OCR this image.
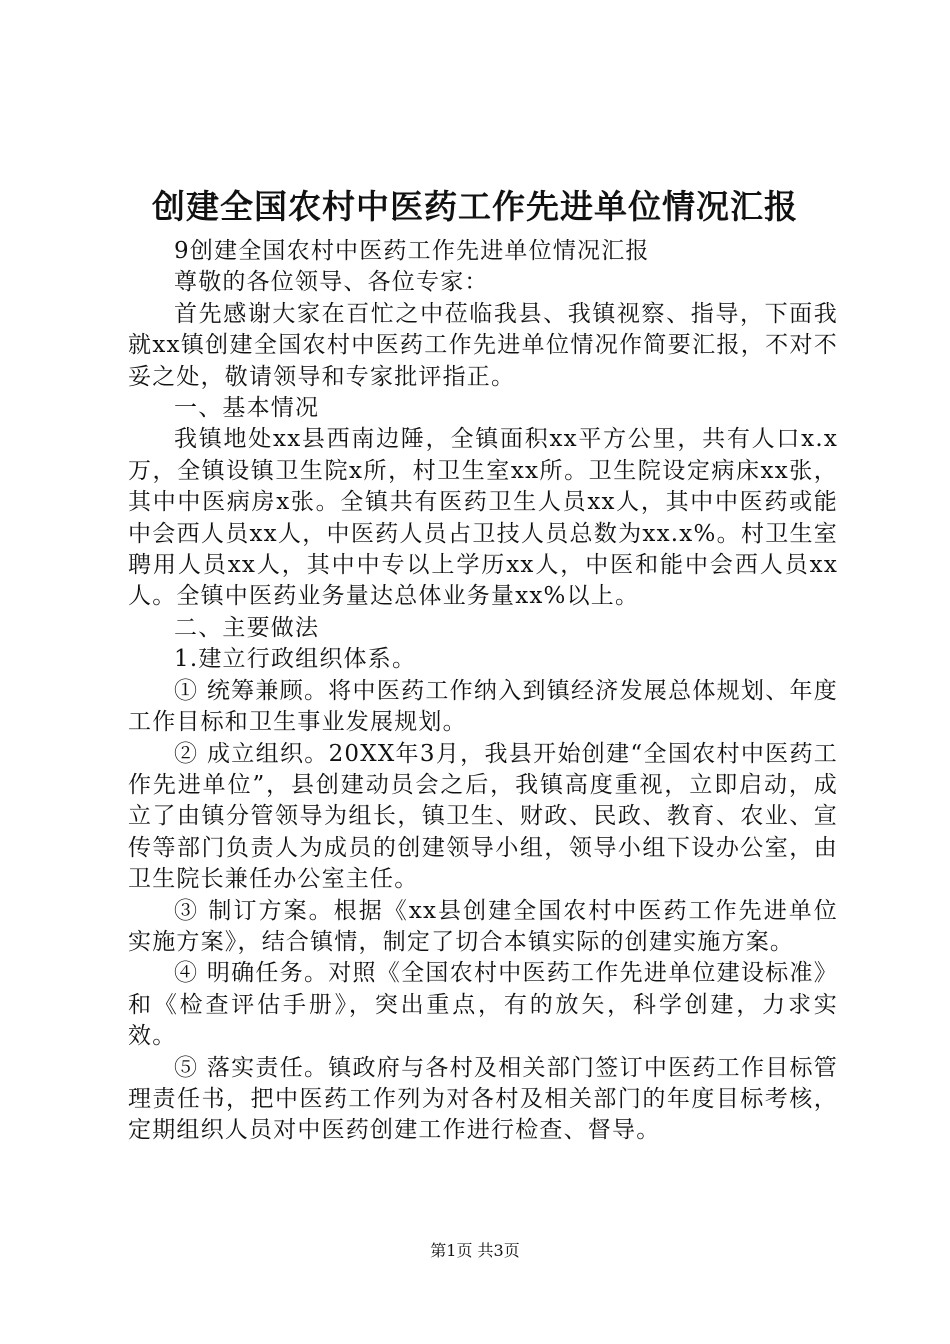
创建全国农村中医药工作先进单位情况汇报

9创建全国农村中医药工作先进单位情况汇报

尊敬的各位领导、各位专家：

首先感谢大家在百忙之中莅临我县、我镇视察、指导，下面我就xx镇创建全国农村中医药工作先进单位情况作简要汇报，不对不妥之处，敬请领导和专家批评指正。

一、基本情况

我镇地处xx县西南边陲，全镇面积xx平方公里，共有人口x.x万，全镇设镇卫生院x所，村卫生室xx所。卫生院设定病床xx张，其中中医病房x张。全镇共有医药卫生人员xx人，其中中医药或能中会西人员xx人，中医药人员占卫技人员总数为xx.x%。村卫生室聘用人员xx人，其中中专以上学历xx人，中医和能中会西人员xx人。全镇中医药业务量达总体业务量xx%以上。

二、主要做法

1.建立行政组织体系。

① 统筹兼顾。将中医药工作纳入到镇经济发展总体规划、年度工作目标和卫生事业发展规划。

② 成立组织。20XX年3月，我县开始创建“全国农村中医药工作先进单位”，县创建动员会之后，我镇高度重视，立即启动，成立了由镇分管领导为组长，镇卫生、财政、民政、教育、农业、宣传等部门负责人为成员的创建领导小组，领导小组下设办公室，由卫生院长兼任办公室主任。

③ 制订方案。根据《xx县创建全国农村中医药工作先进单位实施方案》，结合镇情，制定了切合本镇实际的创建实施方案。

④ 明确任务。对照《全国农村中医药工作先进单位建设标准》和《检查评估手册》，突出重点，有的放矢，科学创建，力求实效。

⑤ 落实责任。镇政府与各村及相关部门签订中医药工作目标管理责任书，把中医药工作列为对各村及相关部门的年度目标考核，定期组织人员对中医药创建工作进行检查、督导。

第1页 共3页
